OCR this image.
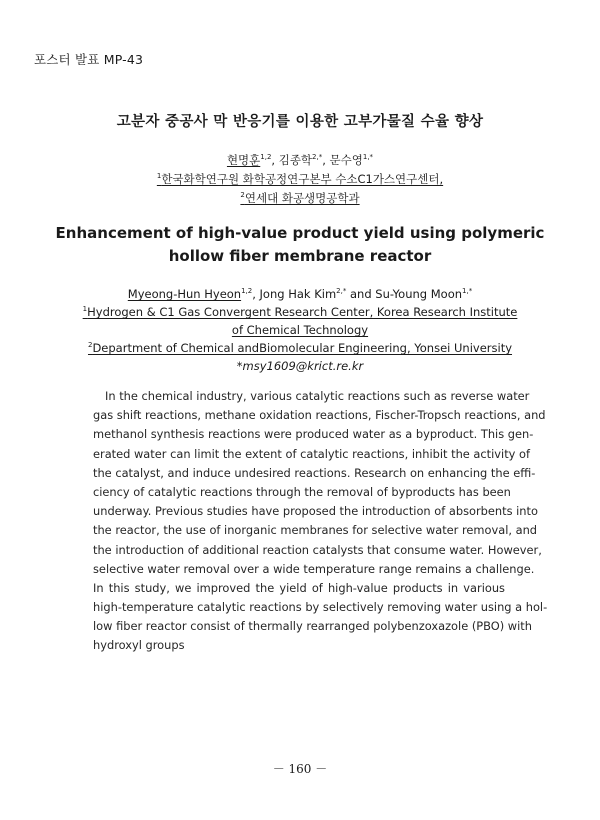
포스터 발표 MP-43
고분자 중공사 막 반응기를 이용한 고부가물질 수율 향상
현명훈$^{1,2}$, 김종학$^{2,*}$, 문수영$^{1,*}$
$^1$한국화학연구원 화학공정연구본부 수소C1가스연구센터,
$^2$연세대 화공생명공학과
Enhancement of high-value product yield using polymeric
hollow fiber membrane reactor
Myeong-Hun Hyeon$^{1,2}$, Jong Hak Kim$^{2,*}$ and Su-Young Moon$^{1,*}$
$^1$Hydrogen & C1 Gas Convergent Research Center, Korea Research Institute
of Chemical Technology
$^2$Department of Chemical andBiomolecular Engineering, Yonsei University
*msy1609@krict.re.kr
In the chemical industry, various catalytic reactions such as reverse water
gas shift reactions, methane oxidation reactions, Fischer-Tropsch reactions, and
methanol synthesis reactions were produced water as a byproduct. This gen-
erated water can limit the extent of catalytic reactions, inhibit the activity of
the catalyst, and induce undesired reactions. Research on enhancing the effi-
ciency of catalytic reactions through the removal of byproducts has been
underway. Previous studies have proposed the introduction of absorbents into
the reactor, the use of inorganic membranes for selective water removal, and
the introduction of additional reaction catalysts that consume water. However,
selective water removal over a wide temperature range remains a challenge.
In this study, we improved the yield of high-value products in various
high-temperature catalytic reactions by selectively removing water using a hol-
low fiber reactor consist of thermally rearranged polybenzoxazole (PBO) with
hydroxyl groups
－ 160 －
